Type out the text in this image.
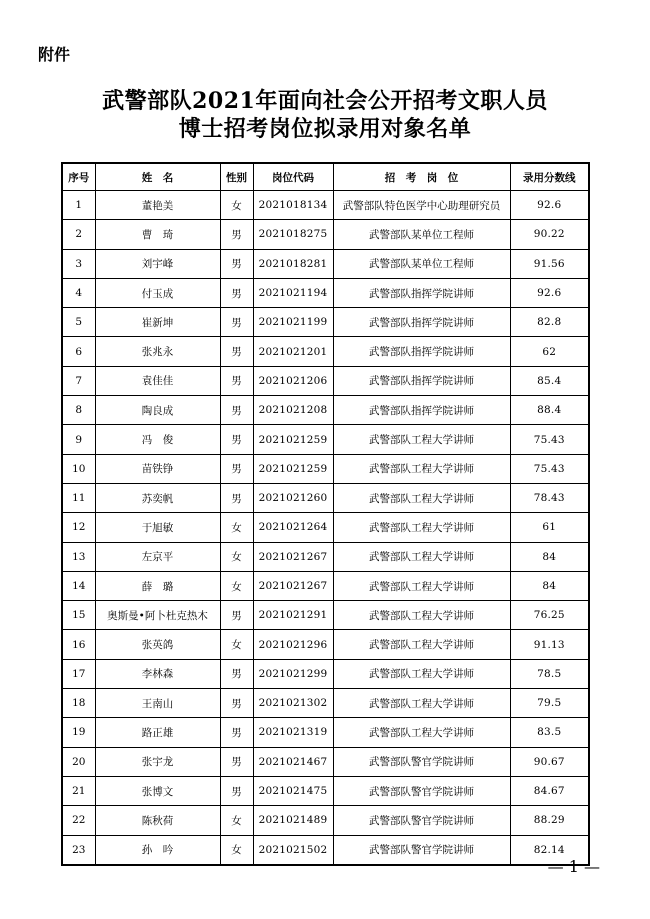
附件
武警部队2021年面向社会公开招考文职人员
博士招考岗位拟录用对象名单
序号	姓　名	性别	岗位代码	招　考　岗　位	录用分数线
1	董艳美	女	2021018134	武警部队特色医学中心助理研究员	92.6
2	曹　琦	男	2021018275	武警部队某单位工程师	90.22
3	刘宇峰	男	2021018281	武警部队某单位工程师	91.56
4	付玉成	男	2021021194	武警部队指挥学院讲师	92.6
5	崔新坤	男	2021021199	武警部队指挥学院讲师	82.8
6	张兆永	男	2021021201	武警部队指挥学院讲师	62
7	袁佳佳	男	2021021206	武警部队指挥学院讲师	85.4
8	陶良成	男	2021021208	武警部队指挥学院讲师	88.4
9	冯　俊	男	2021021259	武警部队工程大学讲师	75.43
10	苗铁铮	男	2021021259	武警部队工程大学讲师	75.43
11	苏奕帆	男	2021021260	武警部队工程大学讲师	78.43
12	于旭敏	女	2021021264	武警部队工程大学讲师	61
13	左京平	女	2021021267	武警部队工程大学讲师	84
14	薛　璐	女	2021021267	武警部队工程大学讲师	84
15	奥斯曼•阿卜杜克热木	男	2021021291	武警部队工程大学讲师	76.25
16	张英鸽	女	2021021296	武警部队工程大学讲师	91.13
17	李林森	男	2021021299	武警部队工程大学讲师	78.5
18	王南山	男	2021021302	武警部队工程大学讲师	79.5
19	路正雄	男	2021021319	武警部队工程大学讲师	83.5
20	张宇龙	男	2021021467	武警部队警官学院讲师	90.67
21	张博文	男	2021021475	武警部队警官学院讲师	84.67
22	陈秋荷	女	2021021489	武警部队警官学院讲师	88.29
23	孙　吟	女	2021021502	武警部队警官学院讲师	82.14
— 1 —
